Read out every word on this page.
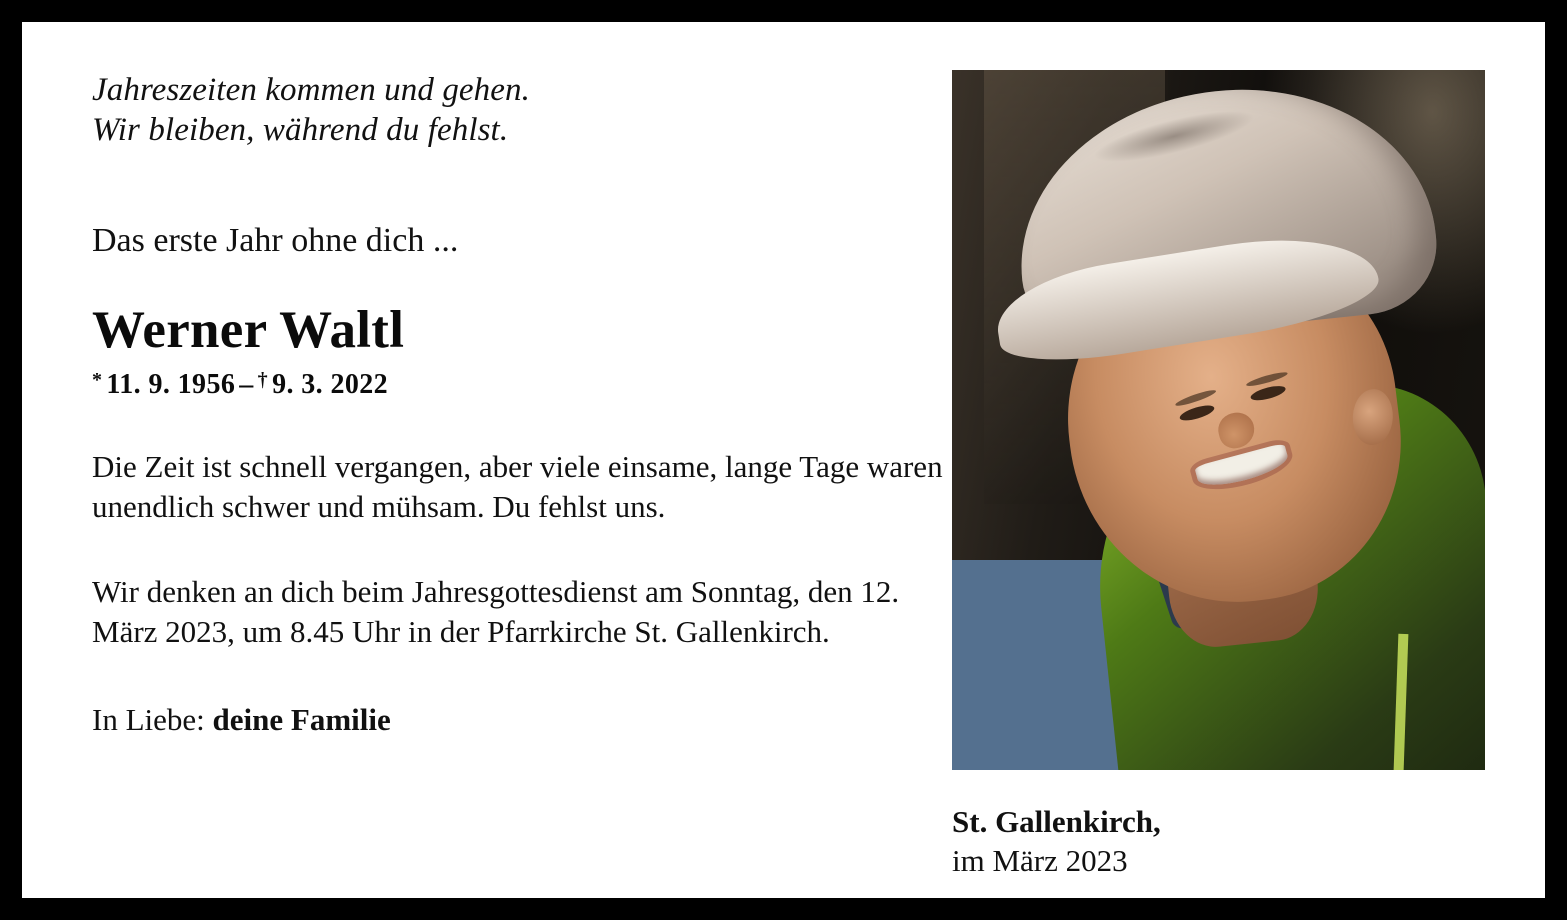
Jahreszeiten kommen und gehen.
Wir bleiben, während du fehlst.

Das erste Jahr ohne dich ...

Werner Waltl
* 11. 9. 1956 – † 9. 3. 2022

Die Zeit ist schnell vergangen, aber viele einsame, lange Tage waren unendlich schwer und mühsam. Du fehlst uns.

Wir denken an dich beim Jahresgottesdienst am Sonntag, den 12. März 2023, um 8.45 Uhr in der Pfarrkirche St. Gallenkirch.

In Liebe: deine Familie

St. Gallenkirch,

im März 2023
